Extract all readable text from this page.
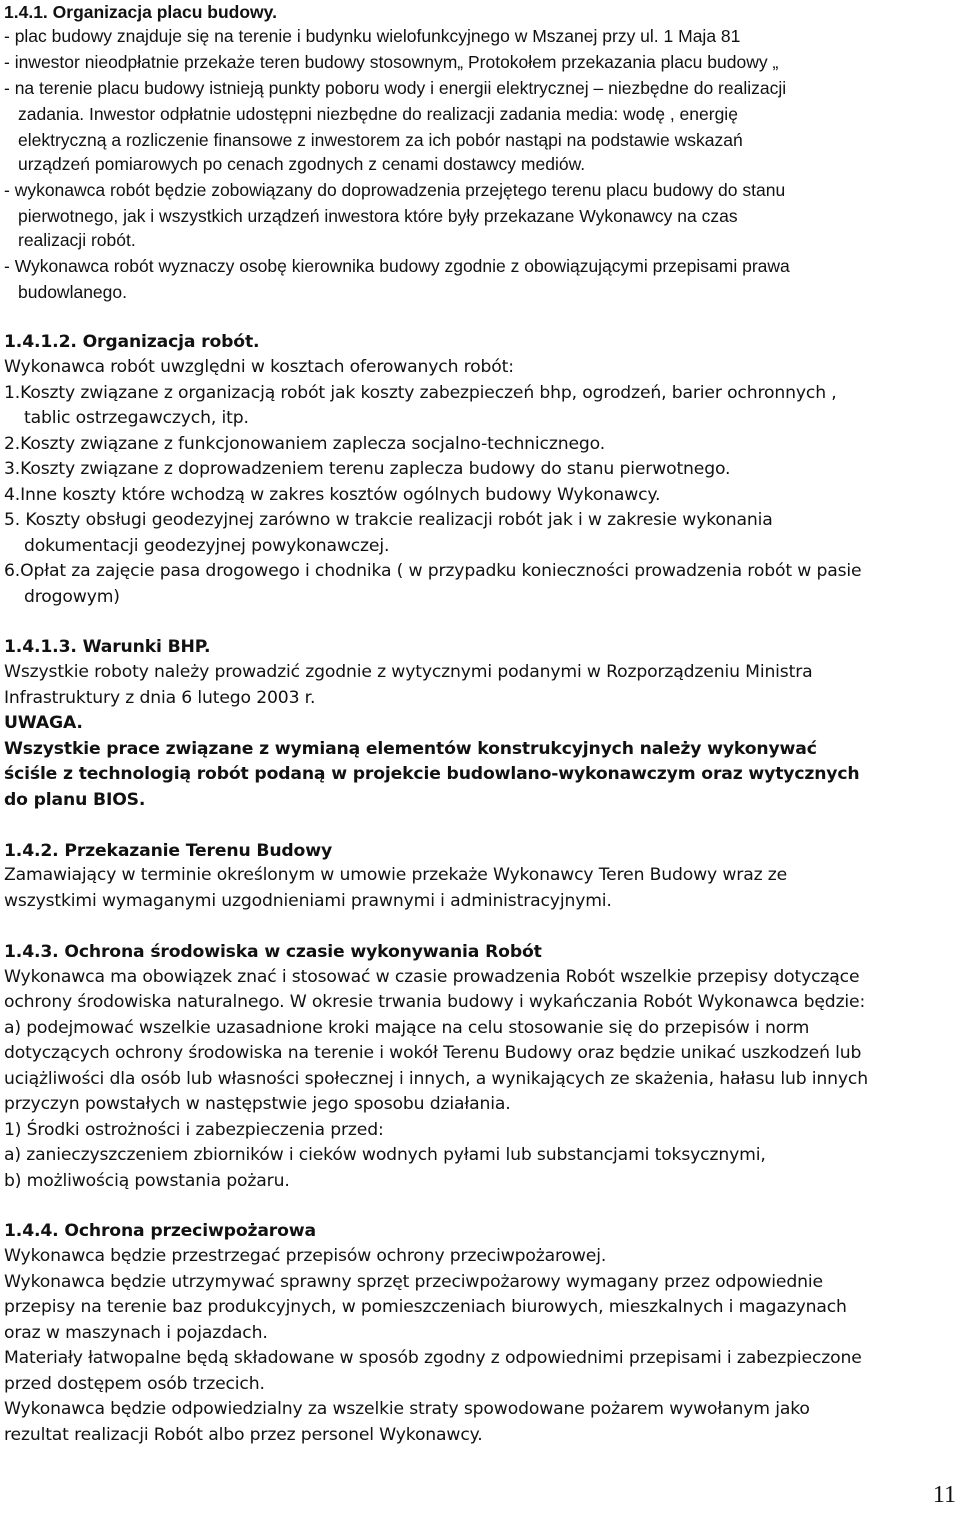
1.4.1. Organizacja placu budowy.
- plac budowy znajduje się na terenie i budynku wielofunkcyjnego w Mszanej przy ul. 1 Maja 81
- inwestor nieodpłatnie przekaże teren budowy stosownym„ Protokołem przekazania placu budowy „
- na terenie placu budowy istnieją punkty poboru wody i energii elektrycznej – niezbędne do realizacji
zadania. Inwestor odpłatnie udostępni niezbędne do realizacji zadania media: wodę , energię
elektryczną a rozliczenie finansowe z inwestorem za ich pobór nastąpi na podstawie wskazań
urządzeń pomiarowych po cenach zgodnych z cenami dostawcy mediów.
- wykonawca robót będzie zobowiązany do doprowadzenia przejętego terenu placu budowy do stanu
pierwotnego, jak i wszystkich urządzeń inwestora które były przekazane Wykonawcy na czas
realizacji robót.
- Wykonawca robót wyznaczy osobę kierownika budowy zgodnie z obowiązującymi przepisami prawa
budowlanego.
1.4.1.2. Organizacja robót.
Wykonawca robót uwzględni w kosztach oferowanych robót:
1.Koszty związane z organizacją robót jak koszty zabezpieczeń bhp, ogrodzeń, barier ochronnych ,
tablic ostrzegawczych, itp.
2.Koszty związane z funkcjonowaniem zaplecza socjalno-technicznego.
3.Koszty związane z doprowadzeniem terenu zaplecza budowy do stanu pierwotnego.
4.Inne koszty które wchodzą w zakres kosztów ogólnych budowy Wykonawcy.
5. Koszty obsługi geodezyjnej zarówno w trakcie realizacji robót jak i w zakresie wykonania
dokumentacji geodezyjnej powykonawczej.
6.Opłat za zajęcie pasa drogowego i chodnika ( w przypadku konieczności prowadzenia robót w pasie
drogowym)
1.4.1.3. Warunki BHP.
Wszystkie roboty należy prowadzić zgodnie z wytycznymi podanymi w Rozporządzeniu Ministra
Infrastruktury z dnia 6 lutego 2003 r.
UWAGA.
Wszystkie prace związane z wymianą elementów konstrukcyjnych należy wykonywać
ściśle z technologią robót podaną w projekcie budowlano-wykonawczym oraz wytycznych
do planu BIOS.
1.4.2. Przekazanie Terenu Budowy
Zamawiający w terminie określonym w umowie przekaże Wykonawcy Teren Budowy wraz ze
wszystkimi wymaganymi uzgodnieniami prawnymi i administracyjnymi.
1.4.3. Ochrona środowiska w czasie wykonywania Robót
Wykonawca ma obowiązek znać i stosować w czasie prowadzenia Robót wszelkie przepisy dotyczące
ochrony środowiska naturalnego. W okresie trwania budowy i wykańczania Robót Wykonawca będzie:
a) podejmować wszelkie uzasadnione kroki mające na celu stosowanie się do przepisów i norm
dotyczących ochrony środowiska na terenie i wokół Terenu Budowy oraz będzie unikać uszkodzeń lub
uciążliwości dla osób lub własności społecznej i innych, a wynikających ze skażenia, hałasu lub innych
przyczyn powstałych w następstwie jego sposobu działania.
1) Środki ostrożności i zabezpieczenia przed:
a) zanieczyszczeniem zbiorników i cieków wodnych pyłami lub substancjami toksycznymi,
b) możliwością powstania pożaru.
1.4.4. Ochrona przeciwpożarowa
Wykonawca będzie przestrzegać przepisów ochrony przeciwpożarowej.
Wykonawca będzie utrzymywać sprawny sprzęt przeciwpożarowy wymagany przez odpowiednie
przepisy na terenie baz produkcyjnych, w pomieszczeniach biurowych, mieszkalnych i magazynach
oraz w maszynach i pojazdach.
Materiały łatwopalne będą składowane w sposób zgodny z odpowiednimi przepisami i zabezpieczone
przed dostępem osób trzecich.
Wykonawca będzie odpowiedzialny za wszelkie straty spowodowane pożarem wywołanym jako
rezultat realizacji Robót albo przez personel Wykonawcy.
11
